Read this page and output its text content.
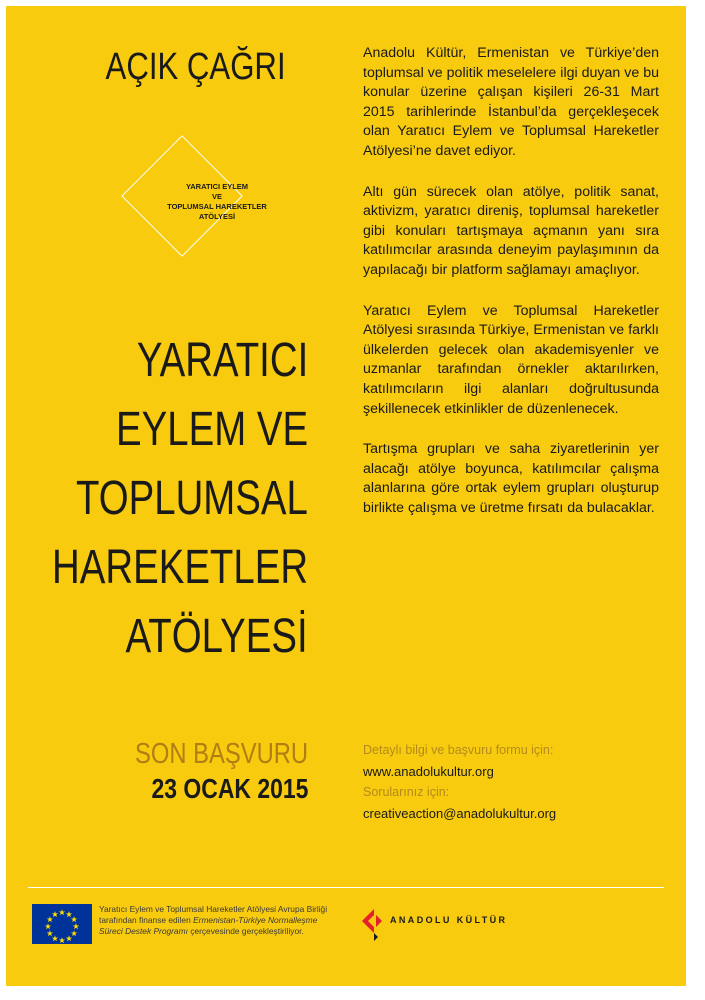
AÇIK ÇAĞRI
YARATICI EYLEM
VE
TOPLUMSAL HAREKETLER
ATÖLYESİ
YARATICI
EYLEM VE
TOPLUMSAL
HAREKETLER
ATÖLYESİ
SON BAŞVURU
23 OCAK 2015

Anadolu Kültür, Ermenistan ve Türkiye’den toplumsal ve politik meselelere ilgi duyan ve bu konular üzerine çalışan kişileri 26-31 Mart 2015 tarihlerinde İstanbul’da gerçekleşecek olan Yaratıcı Eylem ve Toplumsal Hareketler Atölyesi’ne davet ediyor.

Altı gün sürecek olan atölye, politik sanat, aktivizm, yaratıcı direniş, toplumsal hareketler gibi konuları tartışmaya açmanın yanı sıra katılımcılar arasında deneyim paylaşımının da yapılacağı bir platform sağlamayı amaçlıyor.

Yaratıcı Eylem ve Toplumsal Hareketler Atölyesi sırasında Türkiye, Ermenistan ve farklı ülkelerden gelecek olan akademisyenler ve uzmanlar tarafından örnekler aktarılırken, katılımcıların ilgi alanları doğrultusunda şekillenecek etkinlikler de düzenlenecek.

Tartışma grupları ve saha ziyaretlerinin yer alacağı atölye boyunca, katılımcılar çalışma alanlarına göre ortak eylem grupları oluşturup birlikte çalışma ve üretme fırsatı da bulacaklar.

Detaylı bilgi ve başvuru formu için:
www.anadolukultur.org
Sorularınız için:
creativeaction@anadolukultur.org
Yaratıcı Eylem ve Toplumsal Hareketler Atölyesi Avrupa Birliği tarafından finanse edilen Ermenistan-Türkiye Normalleşme Süreci Destek Programı çerçevesinde gerçekleştiriliyor.
ANADOLU KÜLTÜR
